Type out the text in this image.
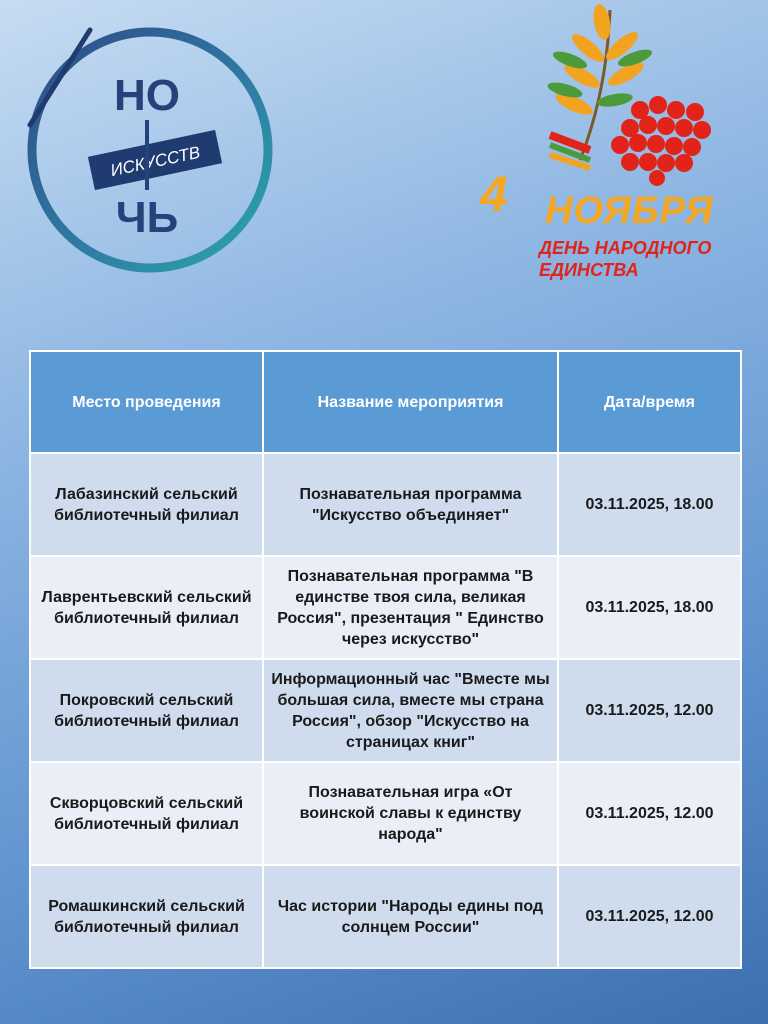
НО
ИСКУССТВ
ЧЬ	4 НОЯБРЯ
ДЕНЬ НАРОДНОГО
ЕДИНСТВА
Место проведения	Название мероприятия	Дата/время
Лабазинский сельский библиотечный филиал	Познавательная программа "Искусство объединяет"	03.11.2025, 18.00
Лаврентьевский сельский библиотечный филиал	Познавательная программа "В единстве твоя сила, великая Россия", презентация " Единство через искусство"	03.11.2025, 18.00
Покровский сельский библиотечный филиал	Информационный час "Вместе мы большая сила, вместе мы страна Россия", обзор "Искусство на страницах книг"	03.11.2025, 12.00
Скворцовский сельский библиотечный филиал	Познавательная игра «От воинской славы к единству народа"	03.11.2025, 12.00
Ромашкинский сельский библиотечный филиал	Час истории "Народы едины под солнцем России"	03.11.2025, 12.00
